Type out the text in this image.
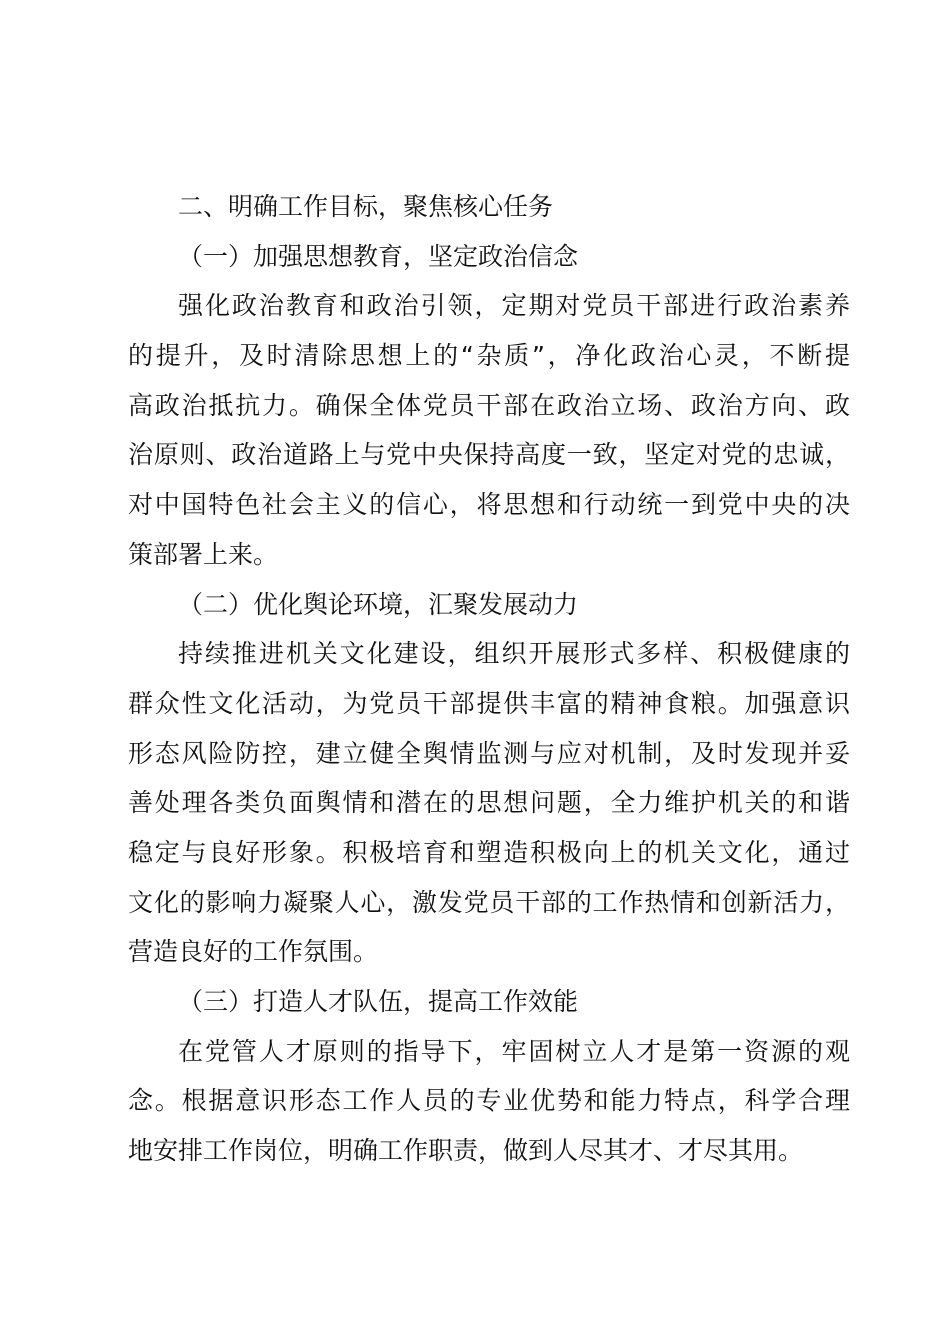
二、明确工作目标，聚焦核心任务
（一）加强思想教育，坚定政治信念
强化政治教育和政治引领，定期对党员干部进行政治素养
的提升，及时清除思想上的“杂质”，净化政治心灵，不断提
高政治抵抗力。确保全体党员干部在政治立场、政治方向、政
治原则、政治道路上与党中央保持高度一致，坚定对党的忠诚，
对中国特色社会主义的信心，将思想和行动统一到党中央的决
策部署上来。
（二）优化舆论环境，汇聚发展动力
持续推进机关文化建设，组织开展形式多样、积极健康的
群众性文化活动，为党员干部提供丰富的精神食粮。加强意识
形态风险防控，建立健全舆情监测与应对机制，及时发现并妥
善处理各类负面舆情和潜在的思想问题，全力维护机关的和谐
稳定与良好形象。积极培育和塑造积极向上的机关文化，通过
文化的影响力凝聚人心，激发党员干部的工作热情和创新活力，
营造良好的工作氛围。
（三）打造人才队伍，提高工作效能
在党管人才原则的指导下，牢固树立人才是第一资源的观
念。根据意识形态工作人员的专业优势和能力特点，科学合理
地安排工作岗位，明确工作职责，做到人尽其才、才尽其用。
